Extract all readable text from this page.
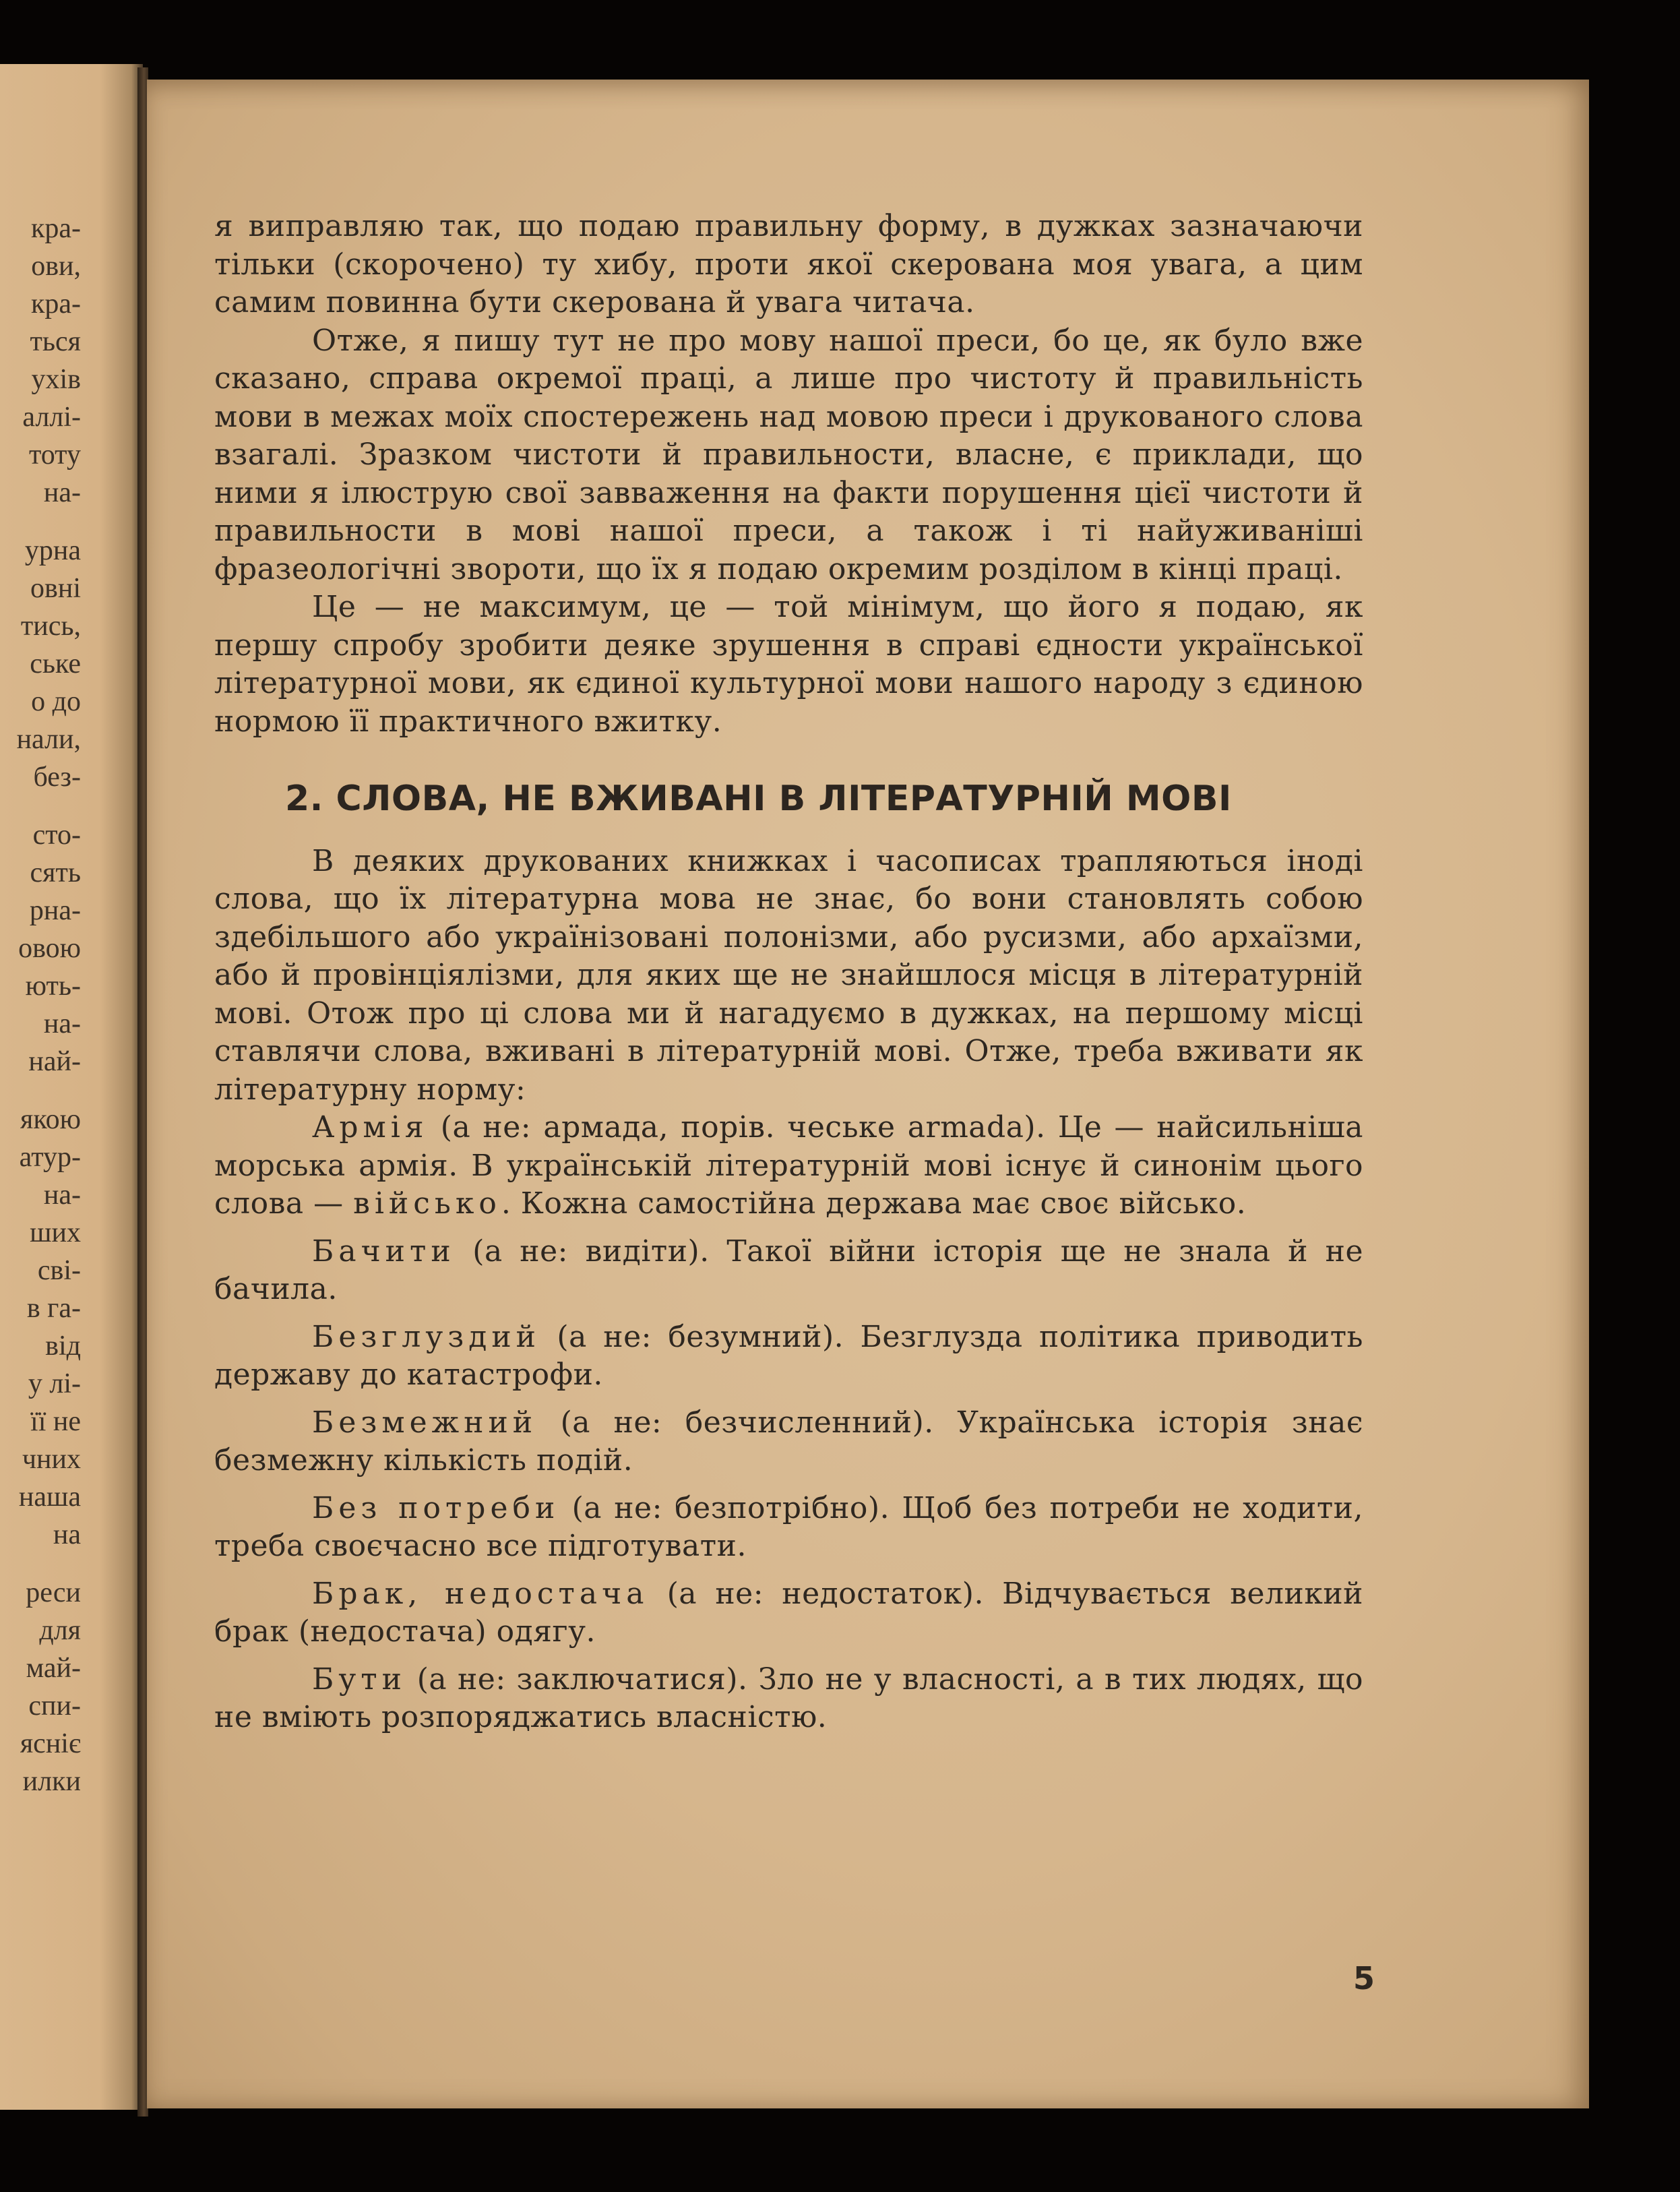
кра-
ови,
кра-
ться
ухів
аллі-
тоту
на-
урна
овні
тись,
ське
о до
нали,
без-
сто-
сять
рна-
овою
ють-
на-
най-
якою
атур-
на-
ших
сві-
в га-
від
у лі-
її не
чних
наша
на
реси
для
май-
спи-
ясніє
илки

я виправляю так, що подаю правильну форму, в дужках зазначаючи тільки (скорочено) ту хибу, проти якої скерована моя увага, а цим самим повинна бути скерована й увага читача.

Отже, я пишу тут не про мову нашої преси, бо це, як було вже сказано, справа окремої праці, а лише про чистоту й правильність мови в межах моїх спостережень над мовою преси і друкованого слова взагалі. Зразком чистоти й правильности, власне, є приклади, що ними я ілюструю свої завваження на факти порушення цієї чистоти й правильности в мові нашої преси, а також і ті найуживаніші фразеологічні звороти, що їх я подаю окремим розділом в кінці праці.

Це — не максимум, це — той мінімум, що його я подаю, як першу спробу зробити деяке зрушення в справі єдности української літературної мови, як єдиної культурної мови нашого народу з єдиною нормою її практичного вжитку.

2. СЛОВА, НЕ ВЖИВАНІ В ЛІТЕРАТУРНІЙ МОВІ

В деяких друкованих книжках і часописах трапляються іноді слова, що їх літературна мова не знає, бо вони становлять собою здебільшого або українізовані полонізми, або русизми, або архаїзми, або й провінціялізми, для яких ще не знайшлося місця в літературній мові. Отож про ці слова ми й нагадуємо в дужках, на першому місці ставлячи слова, вживані в літературній мові. Отже, треба вживати як літературну норму:

Армія (а не: армада, порів. чеське armada). Це — найсильніша морська армія. В українській літературній мові існує й синонім цього слова — військо. Кожна самостійна держава має своє військо.

Бачити (а не: видіти). Такої війни історія ще не знала й не бачила.

Безглуздий (а не: безумний). Безглузда політика приводить державу до катастрофи.

Безмежний (а не: безчисленний). Українська історія знає безмежну кількість подій.

Без потреби (а не: безпотрібно). Щоб без потреби не ходити, треба своєчасно все підготувати.

Брак, недостача (а не: недостаток). Відчувається великий брак (недостача) одягу.

Бути (а не: заключатися). Зло не у власності, а в тих людях, що не вміють розпоряджатись власністю.

5
